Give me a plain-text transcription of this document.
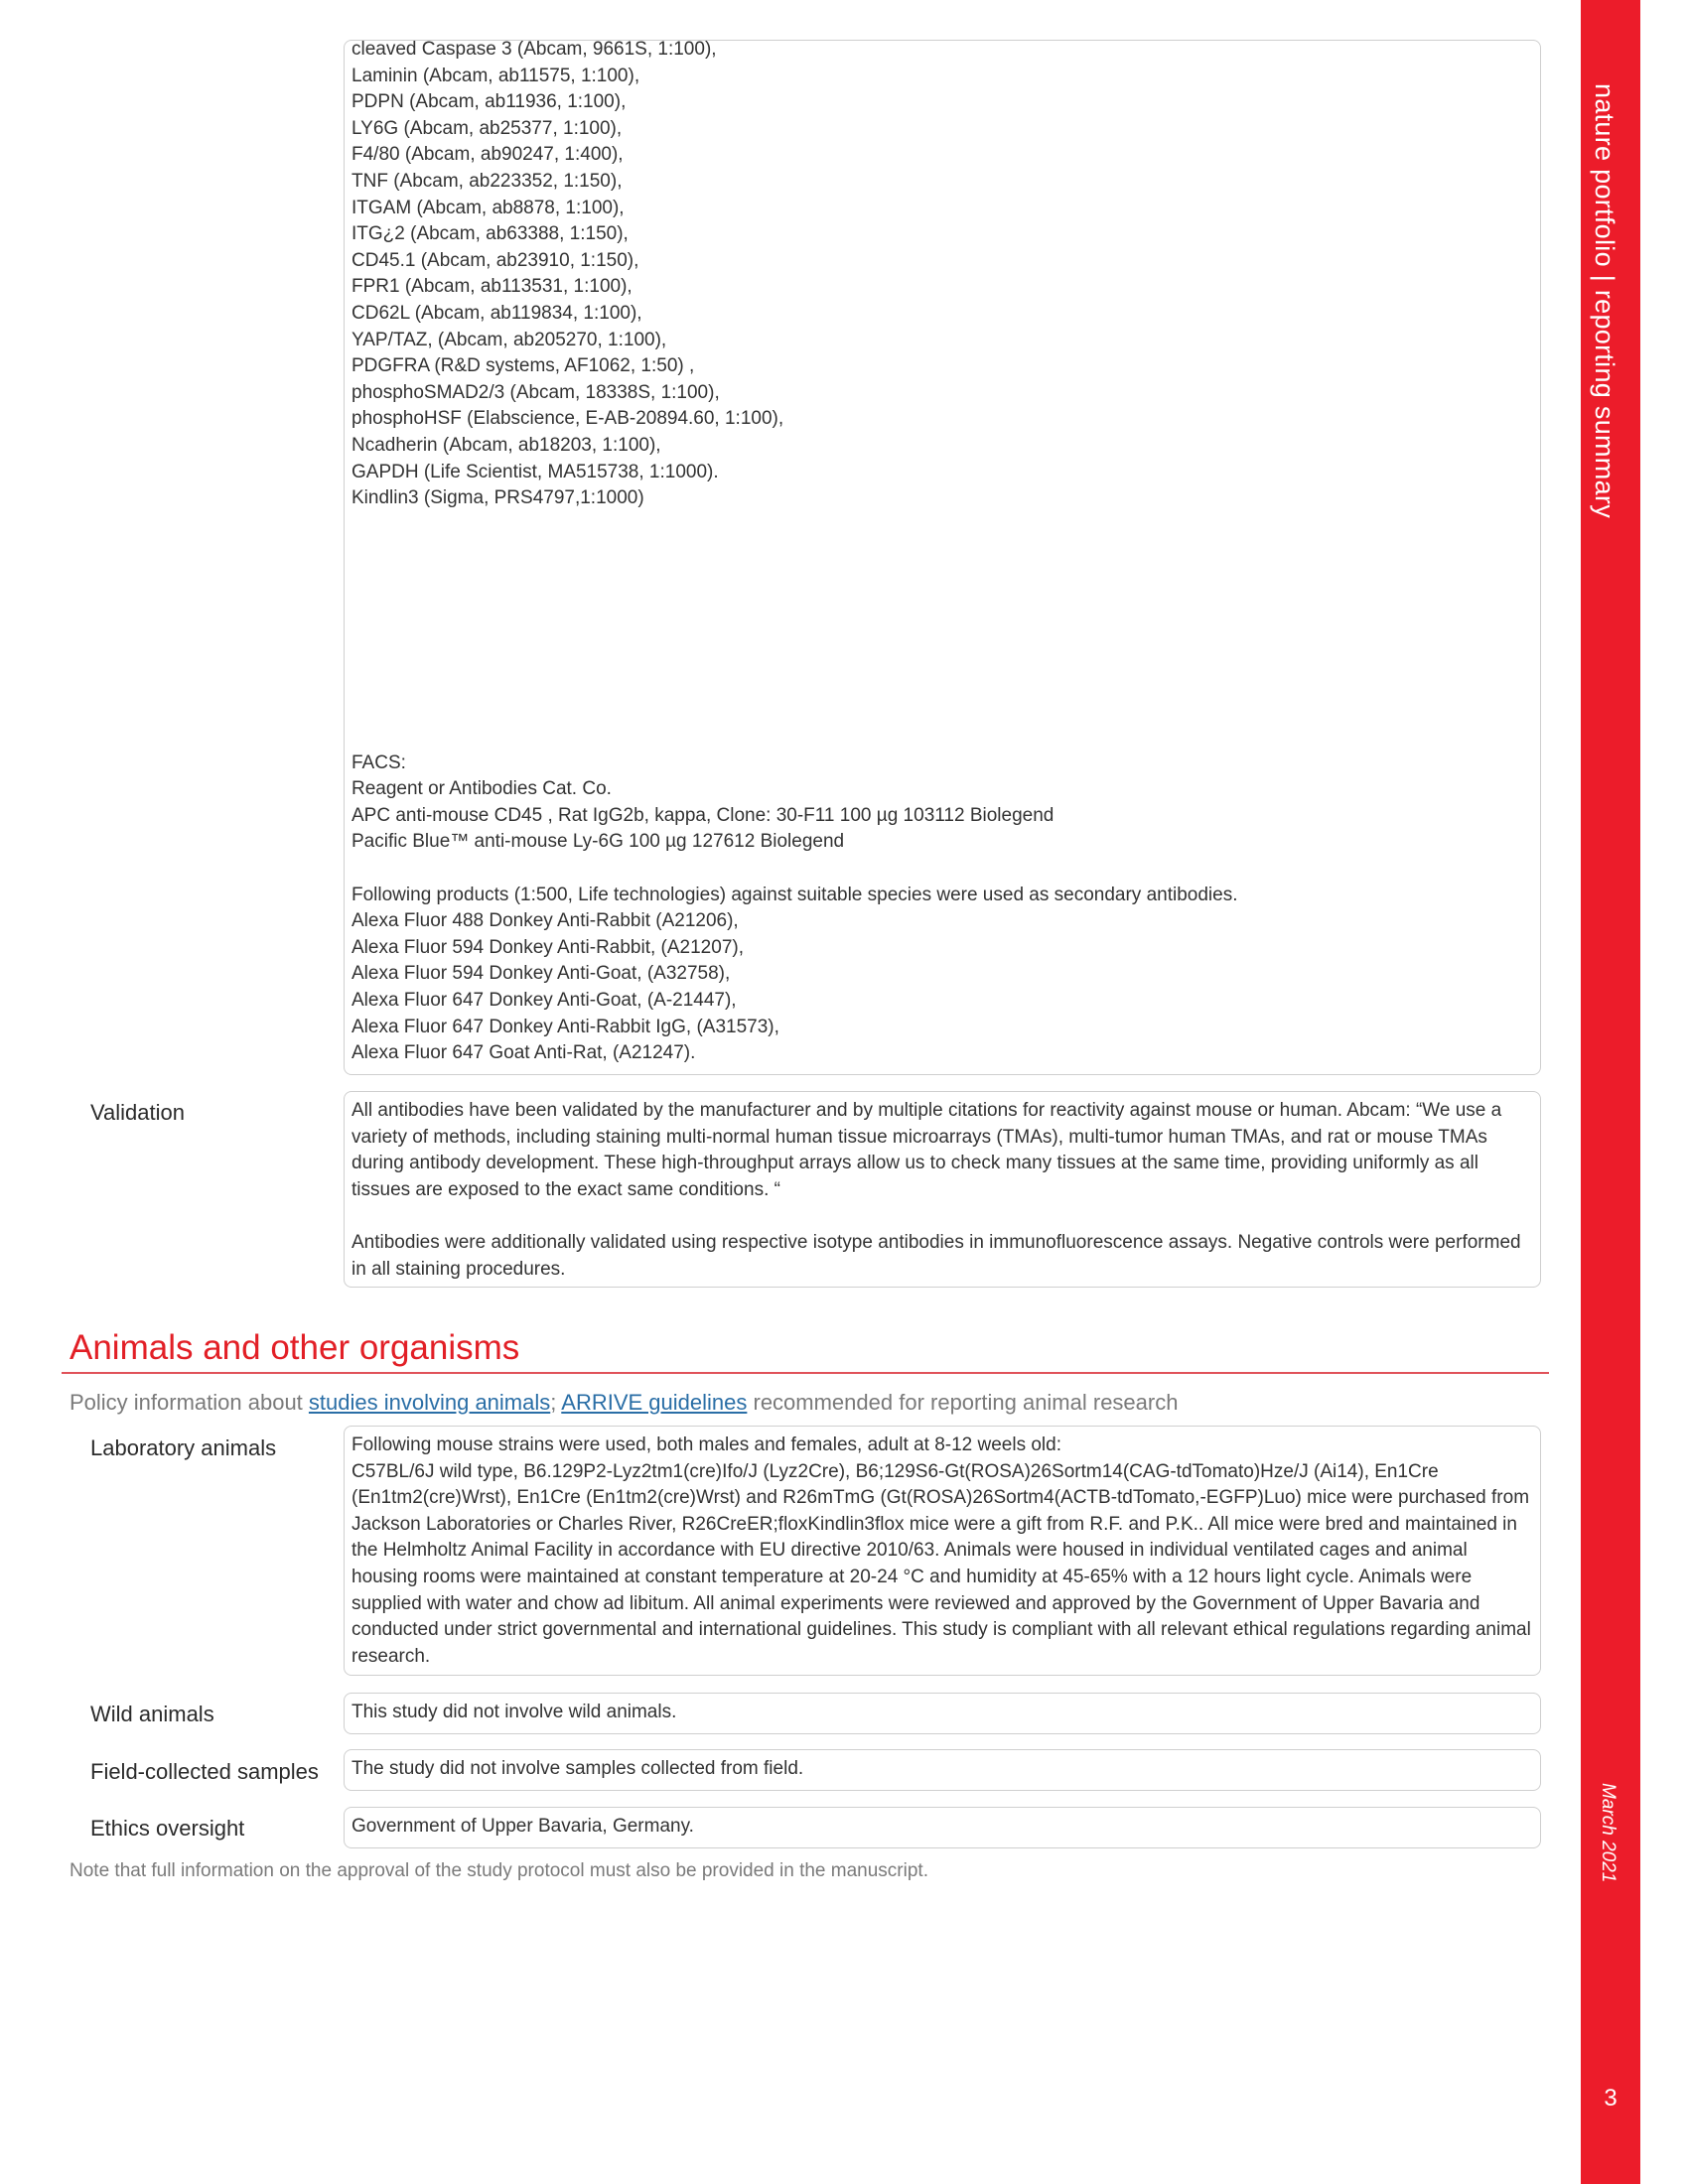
nature portfolio | reporting summary
March 2021
3
cleaved Caspase 3 (Abcam, 9661S, 1:100),
Laminin (Abcam, ab11575, 1:100),
PDPN (Abcam, ab11936, 1:100),
LY6G (Abcam, ab25377, 1:100),
F4/80 (Abcam, ab90247, 1:400),
TNF (Abcam, ab223352, 1:150),
ITGAM (Abcam, ab8878, 1:100),
ITG¿2 (Abcam, ab63388, 1:150),
CD45.1 (Abcam, ab23910, 1:150),
FPR1 (Abcam, ab113531, 1:100),
CD62L (Abcam, ab119834, 1:100),
YAP/TAZ, (Abcam, ab205270, 1:100),
PDGFRA (R&D systems, AF1062, 1:50) ,
phosphoSMAD2/3 (Abcam, 18338S, 1:100),
phosphoHSF (Elabscience, E-AB-20894.60, 1:100),
Ncadherin (Abcam, ab18203, 1:100),
GAPDH (Life Scientist, MA515738, 1:1000).
Kindlin3 (Sigma, PRS4797,1:1000)
FACS:
Reagent or Antibodies Cat. Co.
APC anti-mouse CD45 , Rat IgG2b, kappa, Clone: 30-F11 100 µg 103112 Biolegend
Pacific Blue™ anti-mouse Ly-6G 100 µg 127612 Biolegend
Following products (1:500, Life technologies) against suitable species were used as secondary antibodies.
Alexa Fluor 488 Donkey Anti-Rabbit (A21206),
Alexa Fluor 594 Donkey Anti-Rabbit, (A21207),
Alexa Fluor 594 Donkey Anti-Goat, (A32758),
Alexa Fluor 647 Donkey Anti-Goat, (A-21447),
Alexa Fluor 647 Donkey Anti-Rabbit IgG, (A31573),
Alexa Fluor 647 Goat Anti-Rat, (A21247).
Validation	All antibodies have been validated by the manufacturer and by multiple citations for reactivity against mouse or human. Abcam: “We use a variety of methods, including staining multi-normal human tissue microarrays (TMAs), multi-tumor human TMAs, and rat or mouse TMAs during antibody development. These high-throughput arrays allow us to check many tissues at the same time, providing uniformly as all tissues are exposed to the exact same conditions. “
Antibodies were additionally validated using respective isotype antibodies in immunofluorescence assays. Negative controls were performed in all staining procedures.
Animals and other organisms
Policy information about studies involving animals; ARRIVE guidelines recommended for reporting animal research
Laboratory animals	Following mouse strains were used, both males and females, adult at 8-12 weels old:
C57BL/6J wild type, B6.129P2-Lyz2tm1(cre)Ifo/J (Lyz2Cre), B6;129S6-Gt(ROSA)26Sortm14(CAG-tdTomato)Hze/J (Ai14), En1Cre (En1tm2(cre)Wrst), En1Cre (En1tm2(cre)Wrst) and R26mTmG (Gt(ROSA)26Sortm4(ACTB-tdTomato,-EGFP)Luo) mice were purchased from Jackson Laboratories or Charles River, R26CreER;floxKindlin3flox mice were a gift from R.F. and P.K.. All mice were bred and maintained in the Helmholtz Animal Facility in accordance with EU directive 2010/63. Animals were housed in individual ventilated cages and animal housing rooms were maintained at constant temperature at 20-24 °C and humidity at 45-65% with a 12 hours light cycle. Animals were supplied with water and chow ad libitum. All animal experiments were reviewed and approved by the Government of Upper Bavaria and conducted under strict governmental and international guidelines. This study is compliant with all relevant ethical regulations regarding animal research.
Wild animals	This study did not involve wild animals.
Field-collected samples The study did not involve samples collected from field.
Ethics oversight	Government of Upper Bavaria, Germany.
Note that full information on the approval of the study protocol must also be provided in the manuscript.
